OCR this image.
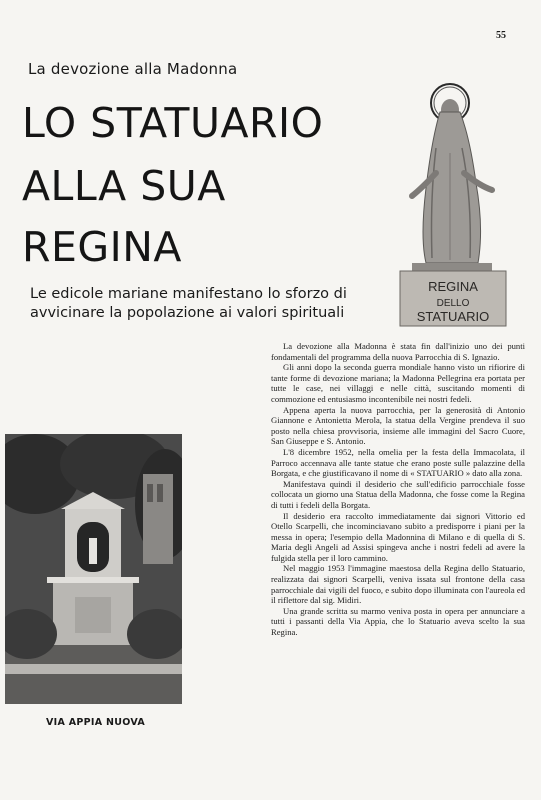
55
La devozione alla Madonna
LO STATUARIO
ALLA SUA
REGINA
Le edicole mariane manifestano lo sforzo di avvicinare la popolazione ai valori spirituali
REGINA
DELLO
STATUARIO
VIA APPIA NUOVA

La devozione alla Madonna è stata fin dall'inizio uno dei punti fondamentali del programma della nuova Parrocchia di S. Ignazio.

Gli anni dopo la seconda guerra mondiale hanno visto un rifiorire di tante forme di devozione mariana; la Madonna Pellegrina era portata per tutte le case, nei villaggi e nelle città, suscitando momenti di commozione ed entusiasmo incontenibile nei nostri fedeli.

Appena aperta la nuova parrocchia, per la generosità di Antonio Giannone e Antonietta Merola, la statua della Vergine prendeva il suo posto nella chiesa provvisoria, insieme alle immagini del Sacro Cuore, San Giuseppe e S. Antonio.

L'8 dicembre 1952, nella omelia per la festa della Immacolata, il Parroco accennava alle tante statue che erano poste sulle palazzine della Borgata, e che giustificavano il nome di « STATUARIO » dato alla zona.

Manifestava quindi il desiderio che sull'edificio parrocchiale fosse collocata un giorno una Statua della Madonna, che fosse come la Regina di tutti i fedeli della Borgata.

Il desiderio era raccolto immediatamente dai signori Vittorio ed Otello Scarpelli, che incominciavano subito a predisporre i piani per la messa in opera; l'esempio della Madonnina di Milano e di quella di S. Maria degli Angeli ad Assisi spingeva anche i nostri fedeli ad avere la fulgida stella per il loro cammino.

Nel maggio 1953 l'immagine maestosa della Regina dello Statuario, realizzata dai signori Scarpelli, veniva issata sul frontone della casa parrocchiale dai vigili del fuoco, e subito dopo illuminata con l'aureola ed il riflettore dal sig. Midiri.

Una grande scritta su marmo veniva posta in opera per annunciare a tutti i passanti della Via Appia, che lo Statuario aveva scelto la sua Regina.
